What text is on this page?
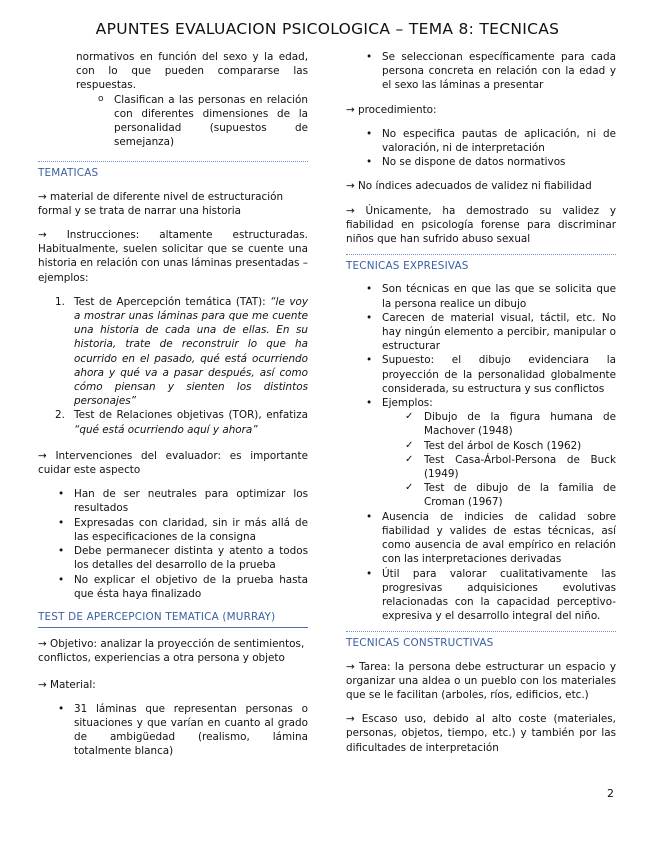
APUNTES EVALUACION PSICOLOGICA – TEMA 8: TECNICAS

normativos en función del sexo y la edad, con lo que pueden compararse las respuestas.

o Clasifican a las personas en relación con diferentes dimensiones de la personalidad (supuestos de semejanza)
TEMATICAS

→ material de diferente nivel de estructuración formal y se trata de narrar una historia

→ Instrucciones: altamente estructuradas. Habitualmente, suelen solicitar que se cuente una historia en relación con unas láminas presentadas – ejemplos:

1. Test de Apercepción temática (TAT): “le voy a mostrar unas láminas para que me cuente una historia de cada una de ellas. En su historia, trate de reconstruir lo que ha ocurrido en el pasado, qué está ocurriendo ahora y qué va a pasar después, así como cómo piensan y sienten los distintos personajes”
2. Test de Relaciones objetivas (TOR), enfatiza “qué está ocurriendo aquí y ahora”

→ Intervenciones del evaluador: es importante cuidar este aspecto

• Han de ser neutrales para optimizar los resultados
• Expresadas con claridad, sin ir más allá de las especificaciones de la consigna
• Debe permanecer distinta y atento a todos los detalles del desarrollo de la prueba
• No explicar el objetivo de la prueba hasta que ésta haya finalizado
TEST DE APERCEPCION TEMATICA (MURRAY)

→ Objetivo: analizar la proyección de sentimientos, conflictos, experiencias a otra persona y objeto

→ Material:

• 31 láminas que representan personas o situaciones y que varían en cuanto al grado de ambigüedad (realismo, lámina totalmente blanca)
• Se seleccionan específicamente para cada persona concreta en relación con la edad y el sexo las láminas a presentar

→ procedimiento:

• No especifica pautas de aplicación, ni de valoración, ni de interpretación
• No se dispone de datos normativos

→ No índices adecuados de validez ni fiabilidad

→ Únicamente, ha demostrado su validez y fiabilidad en psicología forense para discriminar niños que han sufrido abuso sexual

TECNICAS EXPRESIVAS
• Son técnicas en que las que se solicita que la persona realice un dibujo
• Carecen de material visual, táctil, etc. No hay ningún elemento a percibir, manipular o estructurar
• Supuesto: el dibujo evidenciara la proyección de la personalidad globalmente considerada, su estructura y sus conflictos
• Ejemplos:
✓ Dibujo de la figura humana de Machover (1948)
✓ Test del árbol de Kosch (1962)
✓ Test Casa-Árbol-Persona de Buck (1949)
✓ Test de dibujo de la familia de Croman (1967)
• Ausencia de indicies de calidad sobre fiabilidad y valides de estas técnicas, así como ausencia de aval empírico en relación con las interpretaciones derivadas
• Útil para valorar cualitativamente las progresivas adquisiciones evolutivas relacionadas con la capacidad perceptivo-expresiva y el desarrollo integral del niño.
TECNICAS CONSTRUCTIVAS

→ Tarea: la persona debe estructurar un espacio y organizar una aldea o un pueblo con los materiales que se le facilitan (arboles, ríos, edificios, etc.)

→ Escaso uso, debido al alto coste (materiales, personas, objetos, tiempo, etc.) y también por las dificultades de interpretación

2
